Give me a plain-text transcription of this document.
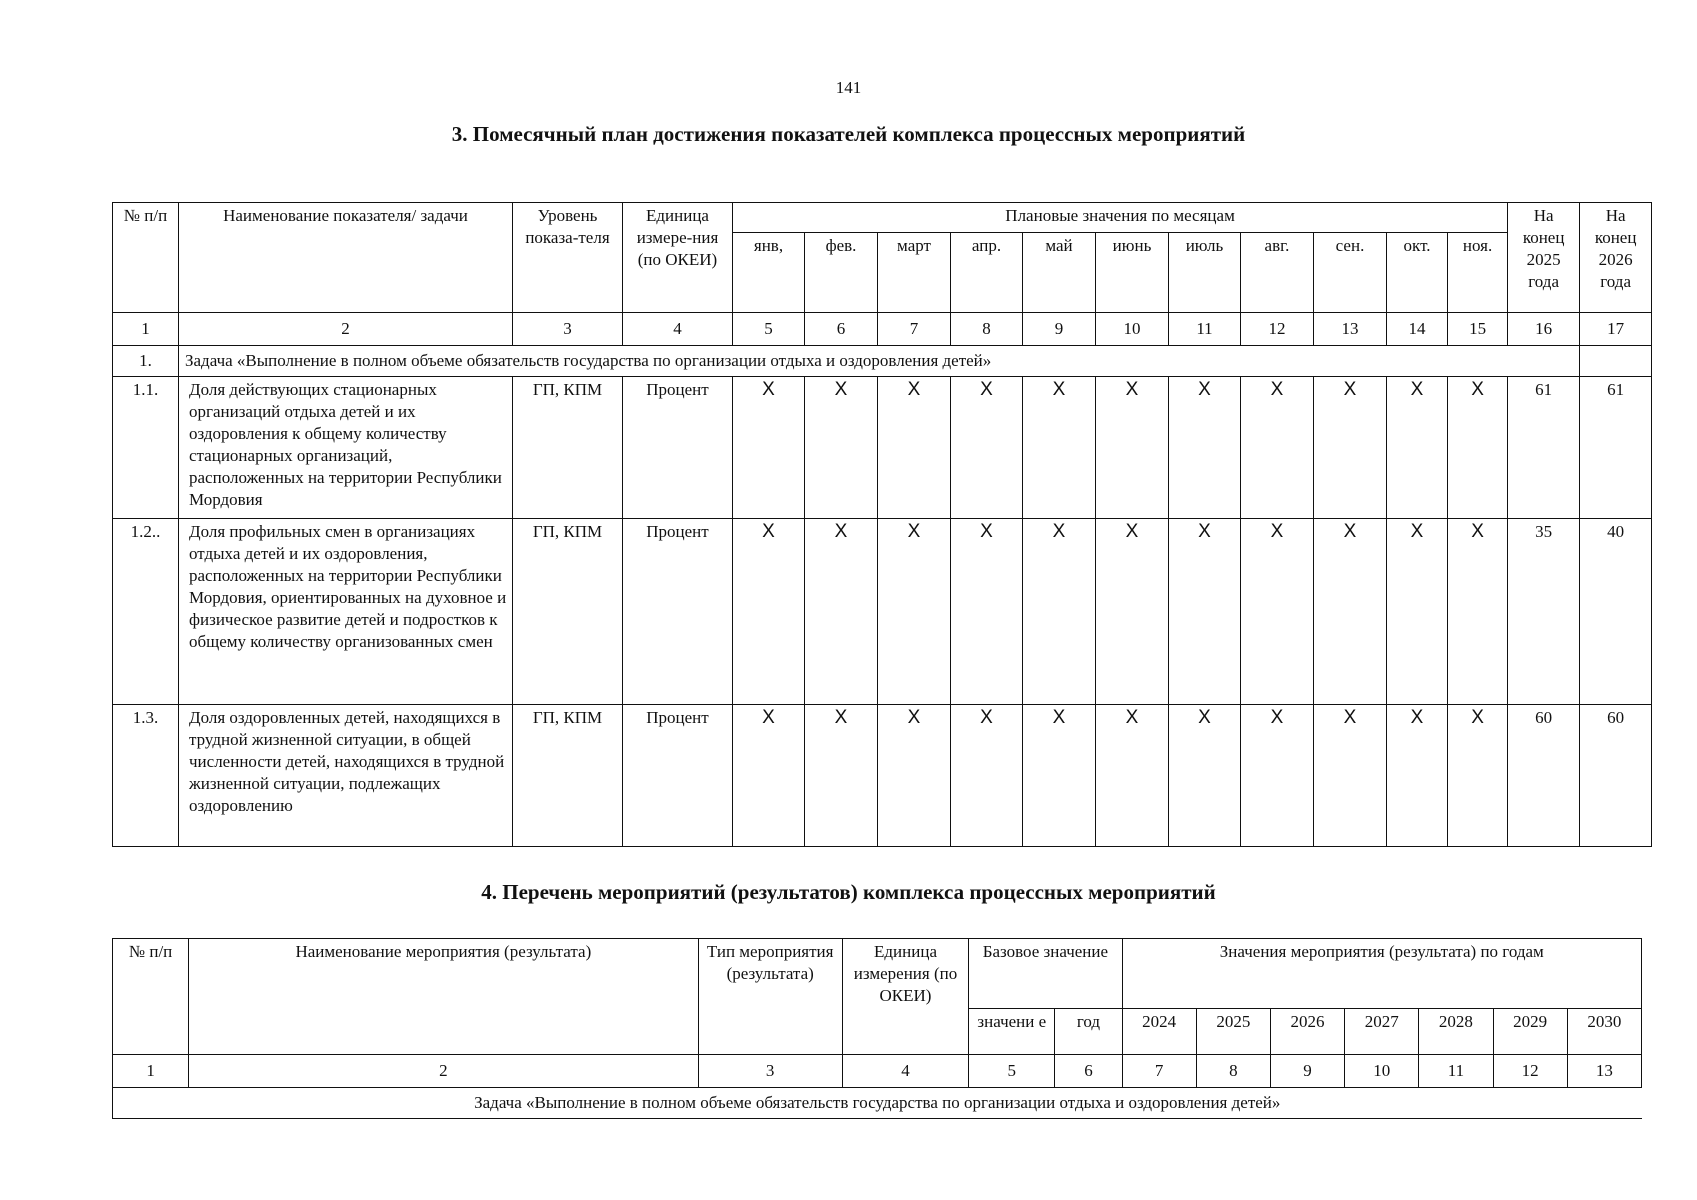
141
3. Помесячный план достижения показателей комплекса процессных мероприятий
№ п/п	Наименование показателя/ задачи	Уровень показа-теля	Единица измере-ния (по ОКЕИ)	Плановые значения по месяцам											На конец 2025 года	На конец 2026 года
				янв,	фев.	март	апр.	май	июнь	июль	авг.	сен.	окт.	ноя.		
1	2	3	4	5	6	7	8	9	10	11	12	13	14	15	16	17
1.	Задача «Выполнение в полном объеме обязательств государства по организации отдыха и оздоровления детей»															
1.1.	Доля действующих стационарных организаций отдыха детей и их оздоровления к общему количеству стационарных организаций, расположенных на территории Республики Мордовия	ГП, КПМ	Процент	X	X	X	X	X	X	X	X	X	X	X	61	61
1.2..	Доля профильных смен в организациях отдыха детей и их оздоровления, расположенных на территории Республики Мордовия, ориентированных на духовное и физическое развитие детей и подростков к общему количеству организованных смен	ГП, КПМ	Процент	X	X	X	X	X	X	X	X	X	X	X	35	40
1.3.	Доля оздоровленных детей, находящихся в трудной жизненной ситуации, в общей численности детей, находящихся в трудной жизненной ситуации, подлежащих оздоровлению	ГП, КПМ	Процент	X	X	X	X	X	X	X	X	X	X	X	60	60
4. Перечень мероприятий (результатов) комплекса процессных мероприятий
№ п/п	Наименование мероприятия (результата)	Тип мероприятия (результата)	Единица измерения (по ОКЕИ)	Базовое значение		Значения мероприятия (результата) по годам						
				значени е	год	2024	2025	2026	2027	2028	2029	2030
1	2	3	4	5	6	7	8	9	10	11	12	13
Задача «Выполнение в полном объеме обязательств государства по организации отдыха и оздоровления детей»												
